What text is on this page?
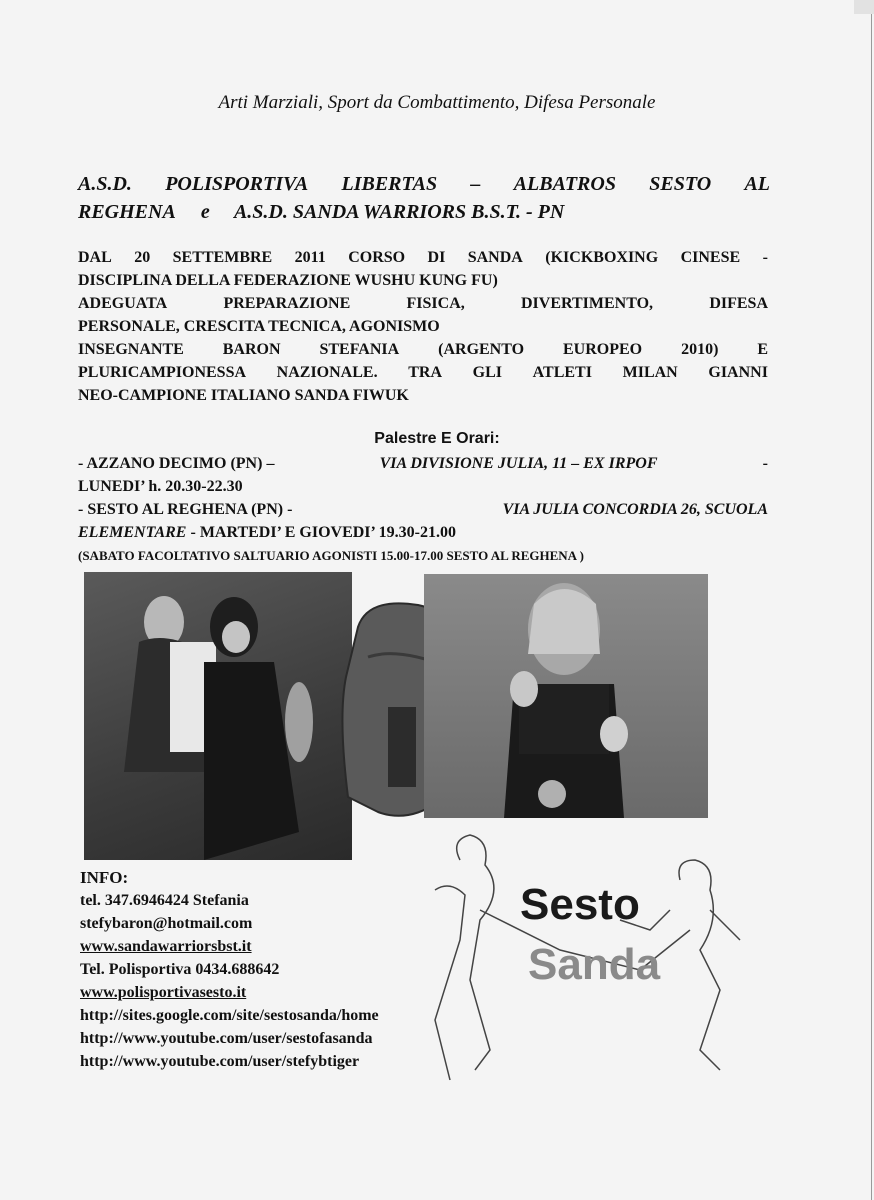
Arti Marziali, Sport da Combattimento, Difesa Personale
A.S.D. POLISPORTIVA LIBERTAS – ALBATROS SESTO AL
REGHENA e A.S.D. SANDA WARRIORS B.S.T. - PN
DAL 20 SETTEMBRE 2011 CORSO DI SANDA (KICKBOXING CINESE -
DISCIPLINA DELLA FEDERAZIONE WUSHU KUNG FU)
ADEGUATA	PREPARAZIONE	FISICA,	DIVERTIMENTO,	DIFESA
PERSONALE, CRESCITA TECNICA, AGONISMO
INSEGNANTE BARON STEFANIA (ARGENTO EUROPEO 2010) E
PLURICAMPIONESSA NAZIONALE. TRA GLI ATLETI MILAN GIANNI
NEO-CAMPIONE ITALIANO SANDA FIWUK
Palestre E Orari:
- AZZANO DECIMO (PN) –	VIA DIVISIONE JULIA, 11 – EX IRPOF	-
LUNEDI’ h. 20.30-22.30
- SESTO AL REGHENA (PN) -	VIA JULIA CONCORDIA 26, SCUOLA
ELEMENTARE - MARTEDI’ E GIOVEDI’ 19.30-21.00
(SABATO FACOLTATIVO SALTUARIO AGONISTI 15.00-17.00 SESTO AL REGHENA )
Sesto
Sanda
INFO:
tel. 347.6946424 Stefania
stefybaron@hotmail.com
www.sandawarriorsbst.it
Tel. Polisportiva 0434.688642
www.polisportivasesto.it
http://sites.google.com/site/sestosanda/home
http://www.youtube.com/user/sestofasanda
http://www.youtube.com/user/stefybtiger
